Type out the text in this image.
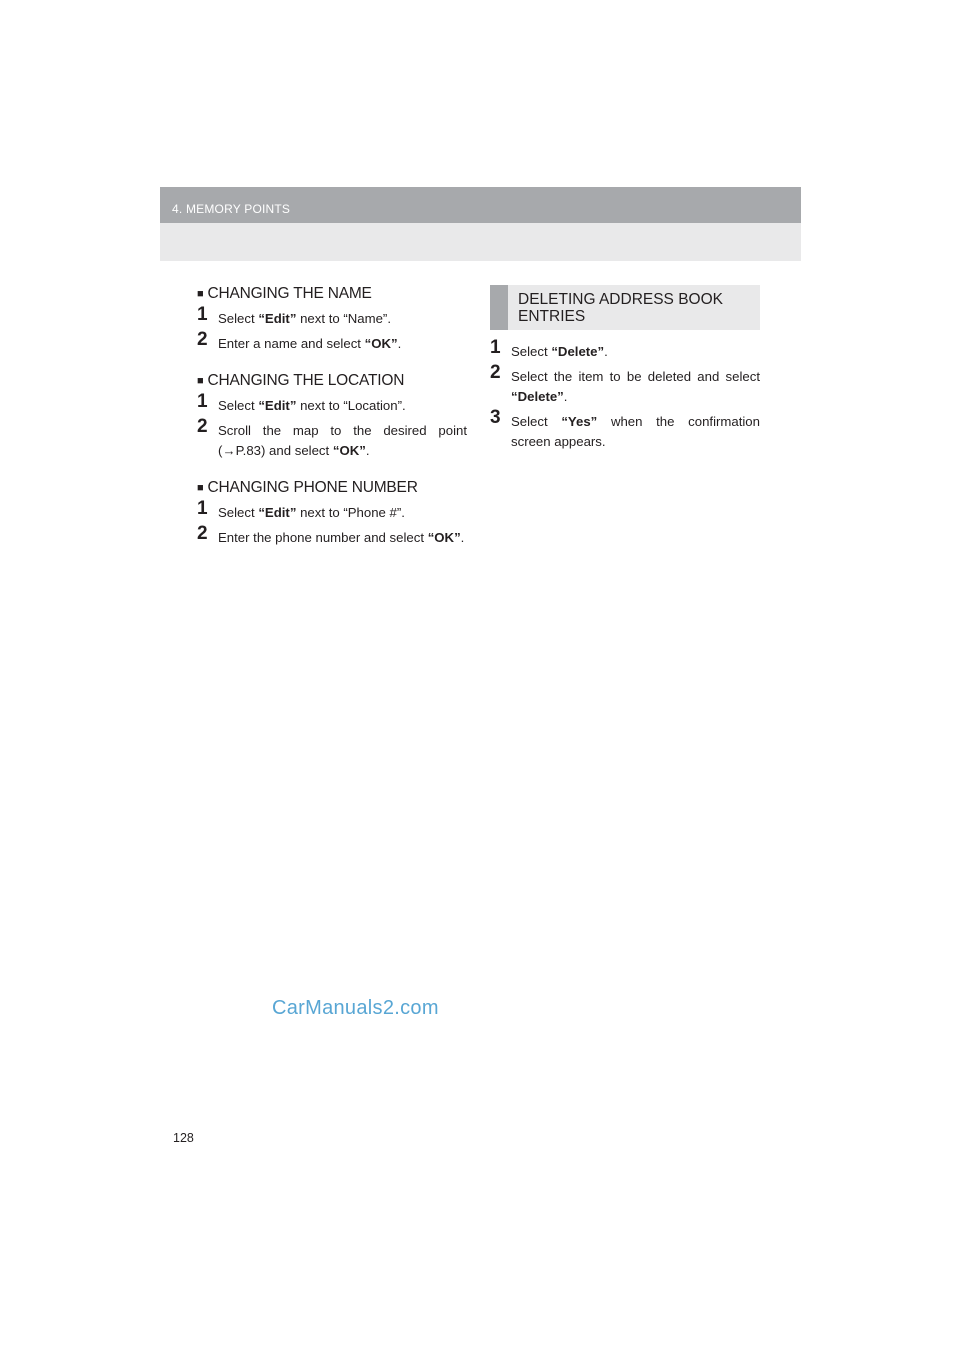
4. MEMORY POINTS
■ CHANGING THE NAME
1 Select “Edit” next to “Name”.
2 Enter a name and select “OK”.
■ CHANGING THE LOCATION
1 Select “Edit” next to “Location”.
2 Scroll the map to the desired point (→P.83) and select “OK”.
■ CHANGING PHONE NUMBER
1 Select “Edit” next to “Phone #”.
2 Enter the phone number and select “OK”.
DELETING ADDRESS BOOK ENTRIES
1 Select “Delete”.
2 Select the item to be deleted and select “Delete”.
3 Select “Yes” when the confirmation screen appears.
CarManuals2.com
128
